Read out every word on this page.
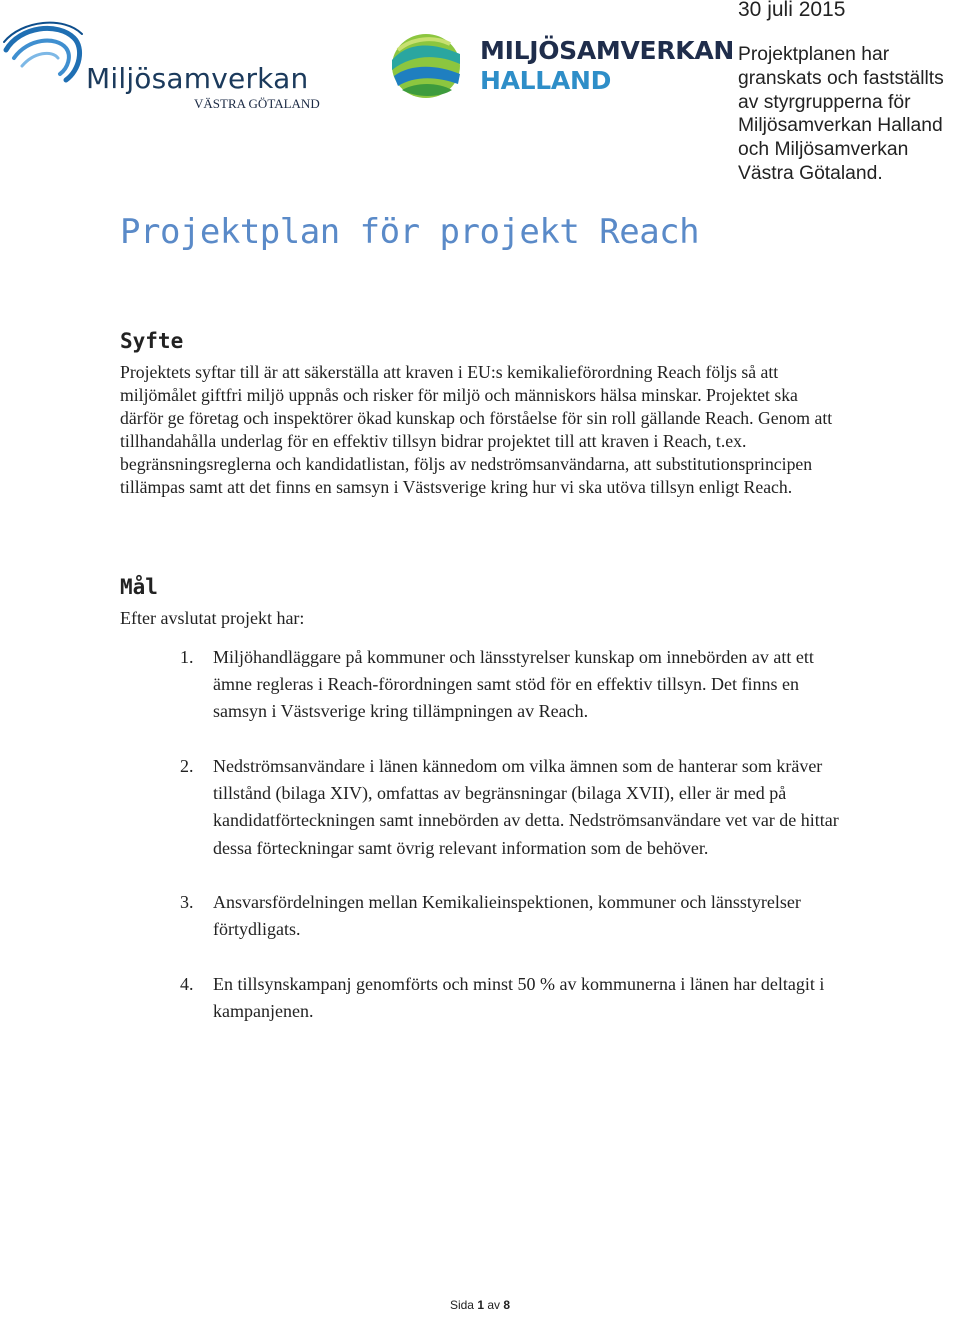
Miljösamverkan
VÄSTRA GÖTALAND
MILJÖSAMVERKAN
HALLAND
30 juli 2015
Projektplanen har granskats och fastställts av styrgrupperna för Miljösamverkan Halland och Miljösamverkan Västra Götaland.
Projektplan för projekt Reach
Syfte

Projektets syftar till är att säkerställa att kraven i EU:s kemikalieförordning Reach följs så att miljömålet giftfri miljö uppnås och risker för miljö och människors hälsa minskar. Projektet ska därför ge företag och inspektörer ökad kunskap och förståelse för sin roll gällande Reach. Genom att tillhandahålla underlag för en effektiv tillsyn bidrar projektet till att kraven i Reach, t.ex. begränsningsreglerna och kandidatlistan, följs av nedströmsanvändarna, att substitutionsprincipen tillämpas samt att det finns en samsyn i Västsverige kring hur vi ska utöva tillsyn enligt Reach.

Mål

Efter avslutat projekt har:

1. Miljöhandläggare på kommuner och länsstyrelser kunskap om innebörden av att ett ämne regleras i Reach-förordningen samt stöd för en effektiv tillsyn. Det finns en samsyn i Västsverige kring tillämpningen av Reach.
2. Nedströmsanvändare i länen kännedom om vilka ämnen som de hanterar som kräver tillstånd (bilaga XIV), omfattas av begränsningar (bilaga XVII), eller är med på kandidatförteckningen samt innebörden av detta. Nedströmsanvändare vet var de hittar dessa förteckningar samt övrig relevant information som de behöver.
3. Ansvarsfördelningen mellan Kemikalieinspektionen, kommuner och länsstyrelser förtydligats.
4. En tillsynskampanj genomförts och minst 50 % av kommunerna i länen har deltagit i kampanjenen.
Sida 1 av 8
